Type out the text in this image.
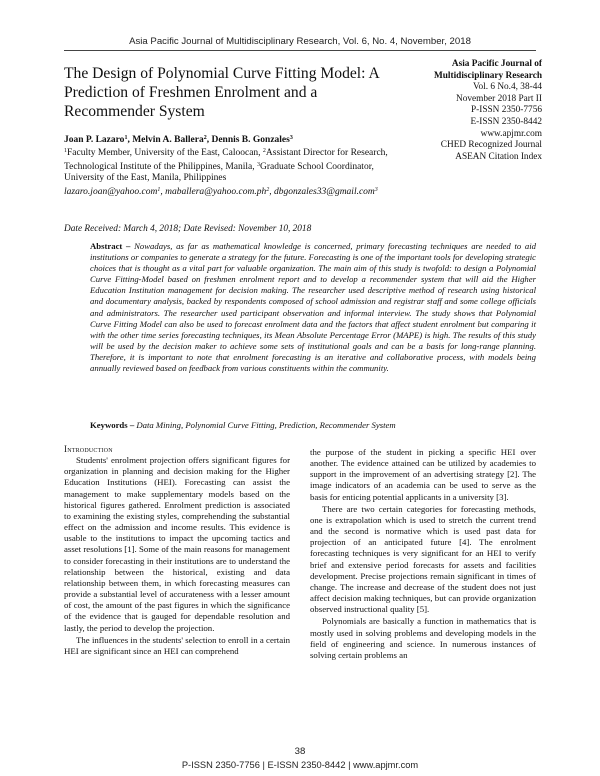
Asia Pacific Journal of Multidisciplinary Research, Vol. 6, No. 4, November, 2018
The Design of Polynomial Curve Fitting Model: A Prediction of Freshmen Enrolment and a Recommender System
Asia Pacific Journal of
Multidisciplinary Research
Vol. 6 No.4, 38-44
November 2018 Part II
P-ISSN 2350-7756
E-ISSN 2350-8442
www.apjmr.com
CHED Recognized Journal
ASEAN Citation Index
Joan P. Lazaro$^1$, Melvin A. Ballera$^2$, Dennis B. Gonzales$^3$
$^1$Faculty Member, University of the East, Caloocan, $^2$Assistant Director for Research, Technological Institute of the Philippines, Manila, $^3$Graduate School Coordinator, University of the East, Manila, Philippines
lazaro.joan@yahoo.com$^1$, $maballera@yahoo.com.ph^2$, dbgonzales33@gmail.com$^3$
Date Received: March 4, 2018; Date Revised: November 10, 2018
Abstract – Nowadays, as far as mathematical knowledge is concerned, primary forecasting techniques are needed to aid institutions or companies to generate a strategy for the future. Forecasting is one of the important tools for developing strategic choices that is thought as a vital part for valuable organization. The main aim of this study is twofold: to design a Polynomial Curve Fitting-Model based on freshmen enrolment report and to develop a recommender system that will aid the Higher Education Institution management for decision making. The researcher used descriptive method of research using historical and documentary analysis, backed by respondents composed of school admission and registrar staff and some college officials and administrators. The researcher used participant observation and informal interview. The study shows that Polynomial Curve Fitting Model can also be used to forecast enrolment data and the factors that affect student enrolment but comparing it with the other time series forecasting techniques, its Mean Absolute Percentage Error (MAPE) is high. The results of this study will be used by the decision maker to achieve some sets of institutional goals and can be a basis for long-range planning. Therefore, it is important to note that enrolment forecasting is an iterative and collaborative process, with models being annually reviewed based on feedback from various constituents within the community.
Keywords – Data Mining, Polynomial Curve Fitting, Prediction, Recommender System
Introduction

Students' enrolment projection offers significant figures for organization in planning and decision making for the Higher Education Institutions (HEI). Forecasting can assist the management to make supplementary models based on the historical figures gathered. Enrolment prediction is associated to examining the existing styles, comprehending the substantial effect on the admission and income results. This evidence is usable to the institutions to impact the upcoming tactics and asset resolutions [1]. Some of the main reasons for management to consider forecasting in their institutions are to understand the relationship between the historical, existing and data relationship between them, in which forecasting measures can provide a substantial level of accurateness with a lesser amount of cost, the amount of the past figures in which the significance of the evidence that is gauged for dependable resolution and lastly, the period to develop the projection.

The influences in the students' selection to enroll in a certain HEI are significant since an HEI can comprehend

the purpose of the student in picking a specific HEI over another. The evidence attained can be utilized by academies to support in the improvement of an advertising strategy [2]. The image indicators of an academia can be used to serve as the basis for enticing potential applicants in a university [3].

There are two certain categories for forecasting methods, one is extrapolation which is used to stretch the current trend and the second is normative which is used past data for projection of an anticipated future [4]. The enrolment forecasting techniques is very significant for an HEI to verify brief and extensive period forecasts for assets and facilities development. Precise projections remain significant in times of change. The increase and decrease of the student does not just affect decision making techniques, but can provide organization observed instructional quality [5].

Polynomials are basically a function in mathematics that is mostly used in solving problems and developing models in the field of engineering and science. In numerous instances of solving certain problems an

38
P-ISSN 2350-7756 | E-ISSN 2350-8442 | www.apjmr.com
